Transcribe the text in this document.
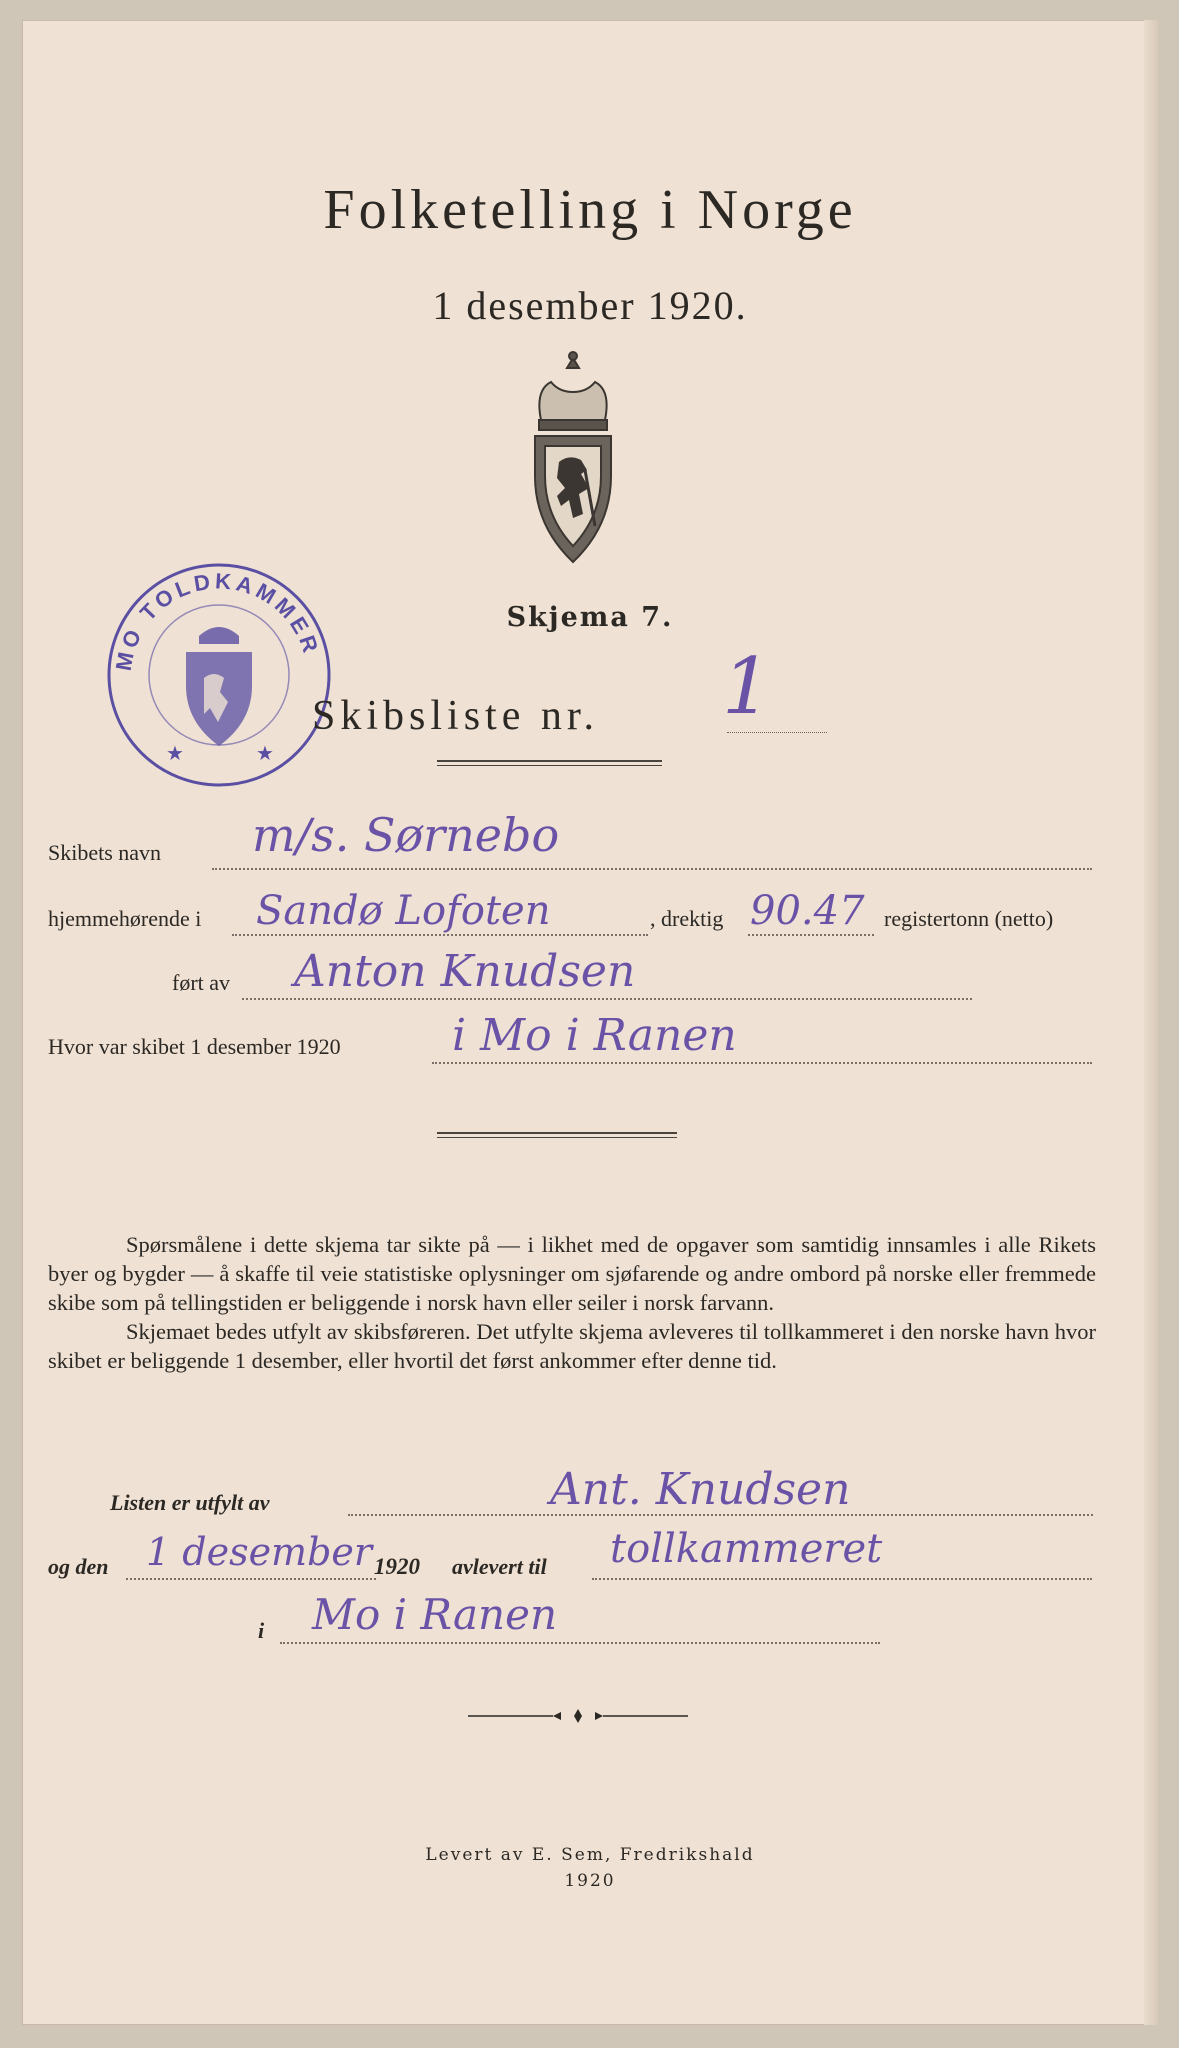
Folketelling i Norge
1 desember 1920.
MO TOLDKAMMER
★	★
Skjema 7.
Skibsliste nr. 1
Skibets navn m/s. Sørnebo
hjemmehørende i Sandø Lofoten	, drektig 90.47 registertonn (netto)
ført av Anton Knudsen
Hvor var skibet 1 desember 1920	i Mo i Ranen

Spørsmålene i dette skjema tar sikte på — i likhet med de opgaver som samtidig innsamles i alle Rikets byer og bygder — å skaffe til veie statistiske oplysninger om sjøfarende og andre ombord på norske eller fremmede skibe som på tellingstiden er beliggende i norsk havn eller seiler i norsk farvann.

Skjemaet bedes utfylt av skibsføreren. Det utfylte skjema avleveres til tollkammeret i den norske havn hvor skibet er beliggende 1 desember, eller hvortil det først ankommer efter denne tid.

Listen er utfylt av	Ant. Knudsen
og den 1 desember 1920 avlevert til tollkammeret
i Mo i Ranen
Levert av E. Sem, Fredrikshald
1920
